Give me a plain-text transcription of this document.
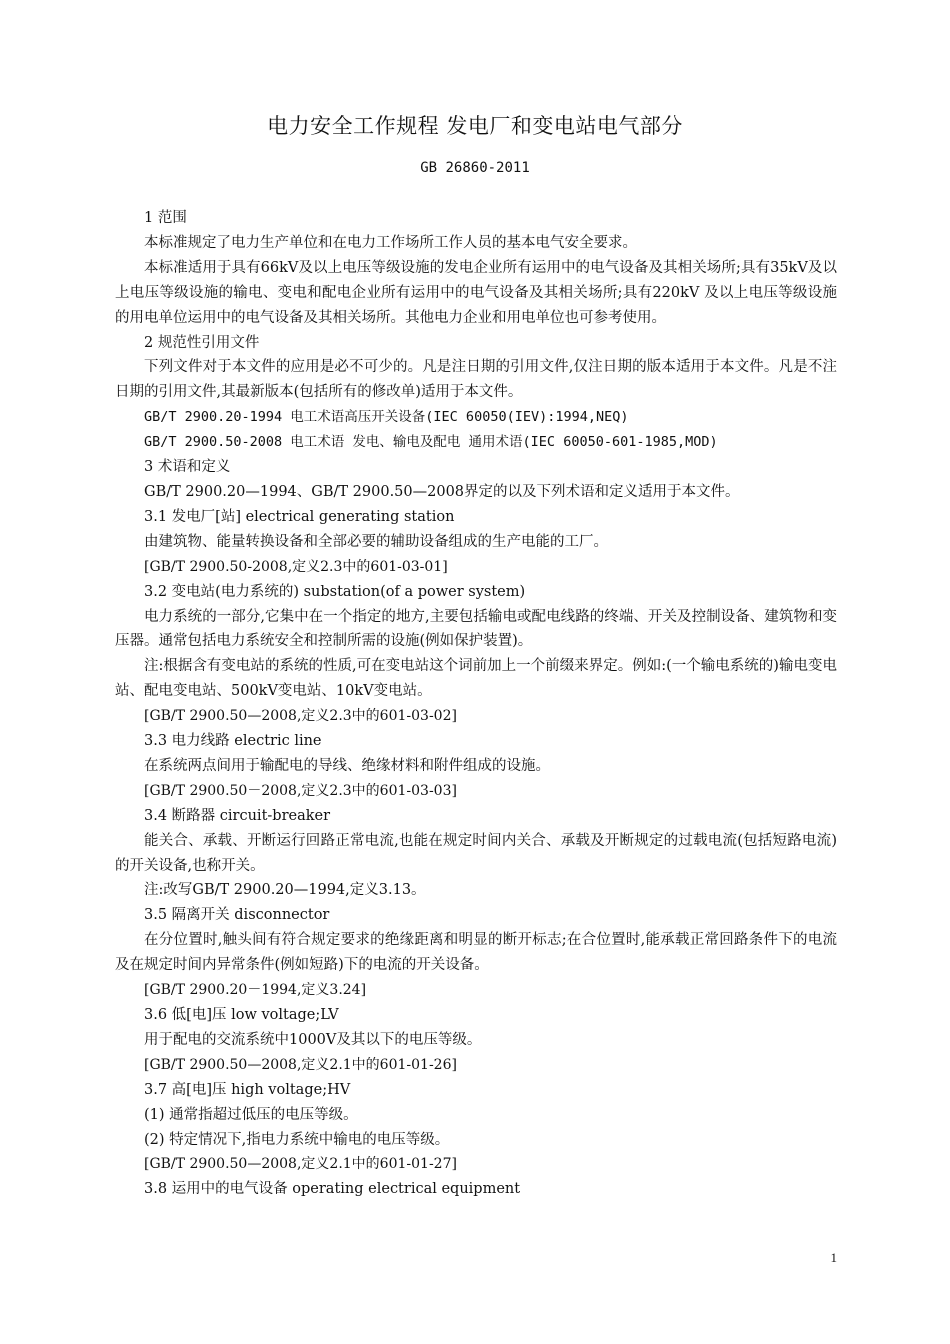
电力安全工作规程 发电厂和变电站电气部分
GB 26860-2011

1 范围

本标准规定了电力生产单位和在电力工作场所工作人员的基本电气安全要求。

本标准适用于具有66kV及以上电压等级设施的发电企业所有运用中的电气设备及其相关场所;具有35kV及以上电压等级设施的输电、变电和配电企业所有运用中的电气设备及其相关场所;具有220kV 及以上电压等级设施的用电单位运用中的电气设备及其相关场所。其他电力企业和用电单位也可参考使用。

2 规范性引用文件

下列文件对于本文件的应用是必不可少的。凡是注日期的引用文件,仅注日期的版本适用于本文件。凡是不注日期的引用文件,其最新版本(包括所有的修改单)适用于本文件。

GB/T 2900.20-1994 电工术语高压开关设备(IEC 60050(IEV):1994,NEQ)

GB/T 2900.50-2008 电工术语 发电、输电及配电 通用术语(IEC 60050-601-1985,MOD)

3 术语和定义

GB/T 2900.20—1994、GB/T 2900.50—2008界定的以及下列术语和定义适用于本文件。

3.1 发电厂[站] electrical generating station

由建筑物、能量转换设备和全部必要的辅助设备组成的生产电能的工厂。

[GB/T 2900.50-2008,定义2.3中的601-03-01]

3.2 变电站(电力系统的) substation(of a power system)

电力系统的一部分,它集中在一个指定的地方,主要包括输电或配电线路的终端、开关及控制设备、建筑物和变压器。通常包括电力系统安全和控制所需的设施(例如保护装置)。

注:根据含有变电站的系统的性质,可在变电站这个词前加上一个前缀来界定。例如:(一个输电系统的)输电变电站、配电变电站、500kV变电站、10kV变电站。

[GB/T 2900.50—2008,定义2.3中的601-03-02]

3.3 电力线路 electric line

在系统两点间用于输配电的导线、绝缘材料和附件组成的设施。

[GB/T 2900.50－2008,定义2.3中的601-03-03]

3.4 断路器 circuit-breaker

能关合、承载、开断运行回路正常电流,也能在规定时间内关合、承载及开断规定的过载电流(包括短路电流)的开关设备,也称开关。

注:改写GB/T 2900.20—1994,定义3.13。

3.5 隔离开关 disconnector

在分位置时,触头间有符合规定要求的绝缘距离和明显的断开标志;在合位置时,能承载正常回路条件下的电流及在规定时间内异常条件(例如短路)下的电流的开关设备。

[GB/T 2900.20－1994,定义3.24]

3.6 低[电]压 low voltage;LV

用于配电的交流系统中1000V及其以下的电压等级。

[GB/T 2900.50—2008,定义2.1中的601-01-26]

3.7 高[电]压 high voltage;HV

(1) 通常指超过低压的电压等级。

(2) 特定情况下,指电力系统中输电的电压等级。

[GB/T 2900.50—2008,定义2.1中的601-01-27]

3.8 运用中的电气设备 operating electrical equipment

1
